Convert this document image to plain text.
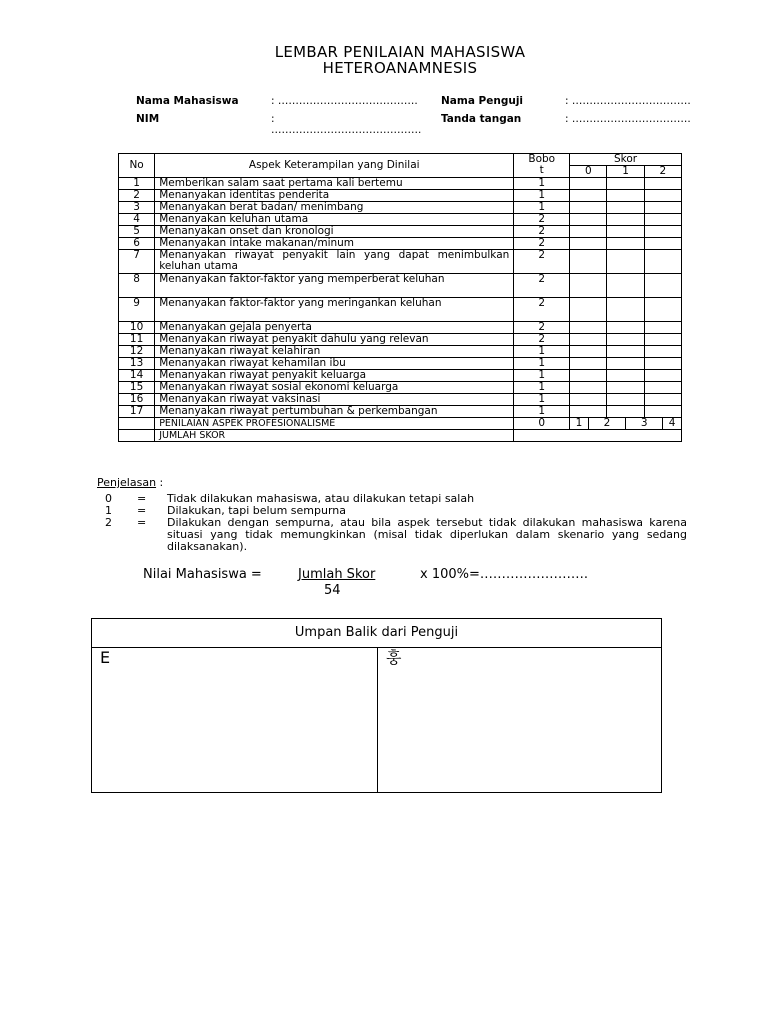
LEMBAR PENILAIAN MAHASISWA
HETEROANAMNESIS
Nama Mahasiswa	: ………………………………….
NIM	:
…………………………………….
Nama Penguji	: …………………………….
Tanda tangan	: …………………………….
No	Aspek Keterampilan yang Dinilai	Bobo t	Skor					
			0		1		2	
1	Memberikan salam saat pertama kali bertemu	1						
2	Menanyakan identitas penderita	1						
3	Menanyakan berat badan/ menimbang	1						
4	Menanyakan keluhan utama	2						
5	Menanyakan onset dan kronologi	2						
6	Menanyakan intake makanan/minum	2						
7	Menanyakan riwayat penyakit lain yang dapat menimbulkan keluhan utama	2						
8	Menanyakan faktor-faktor yang memperberat keluhan	2						
9	Menanyakan faktor-faktor yang meringankan keluhan	2						
10	Menanyakan gejala penyerta	2						
11	Menanyakan riwayat penyakit dahulu yang relevan	2						
12	Menanyakan riwayat kelahiran	1						
13	Menanyakan riwayat kehamilan ibu	1						
14	Menanyakan riwayat penyakit keluarga	1						
15	Menanyakan riwayat sosial ekonomi keluarga	1						
16	Menanyakan riwayat vaksinasi	1						
17	Menanyakan riwayat pertumbuhan & perkembangan	1						
	PENILAIAN ASPEK PROFESIONALISME	0	1	2		3		4
	JUMLAH SKOR							
Penjelasan :
0 = Tidak dilakukan mahasiswa, atau dilakukan tetapi salah
1 = Dilakukan, tapi belum sempurna
2 = Dilakukan dengan sempurna, atau bila aspek tersebut tidak dilakukan mahasiswa karena situasi yang tidak memungkinkan (misal tidak diperlukan dalam skenario yang sedang dilaksanakan).
Nilai Mahasiswa =	Jumlah Skor	x 100%=…………………….
54
Umpan Balik dari Penguji
E	훙
